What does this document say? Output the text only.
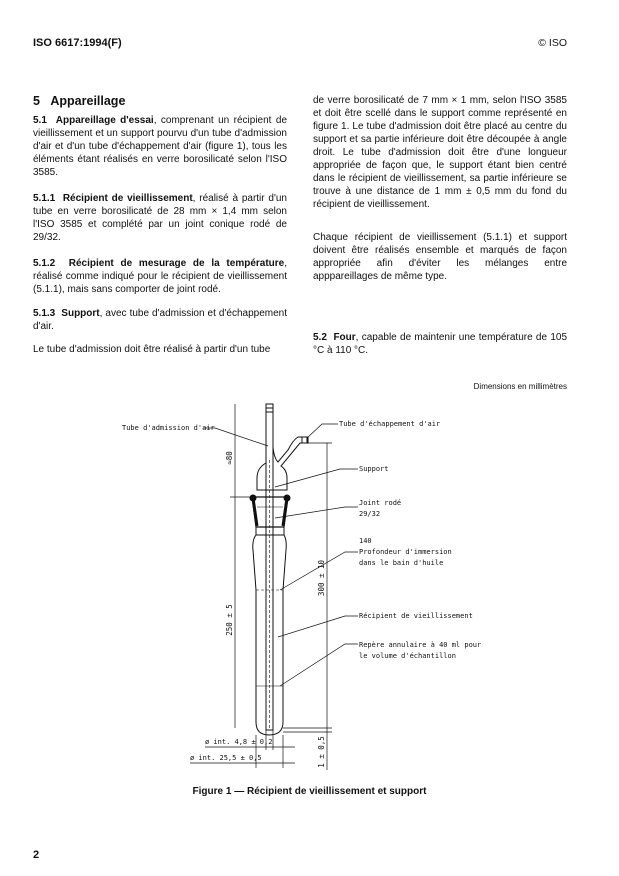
ISO 6617:1994(F)	© ISO
5 Appareillage

5.1 Appareillage d'essai, comprenant un récipient de vieillissement et un support pourvu d'un tube d'admission d'air et d'un tube d'échappement d'air (figure 1), tous les éléments étant réalisés en verre borosilicaté selon l'ISO 3585.

5.1.1 Récipient de vieillissement, réalisé à partir d'un tube en verre borosilicaté de 28 mm × 1,4 mm selon l'ISO 3585 et complété par un joint conique rodé de 29/32.

5.1.2 Récipient de mesurage de la température, réalisé comme indiqué pour le récipient de vieillissement (5.1.1), mais sans comporter de joint rodé.

5.1.3 Support, avec tube d'admission et d'échappement d'air.

Le tube d'admission doit être réalisé à partir d'un tube

de verre borosilicaté de 7 mm × 1 mm, selon l'ISO 3585 et doit être scellé dans le support comme représenté en figure 1. Le tube d'admission doit être placé au centre du support et sa partie inférieure doit être découpée à angle droit. Le tube d'admission doit être d'une longueur appropriée de façon que, le support étant bien centré dans le récipient de vieillissement, sa partie inférieure se trouve à une distance de 1 mm ± 0,5 mm du fond du récipient de vieillissement.

Chaque récipient de vieillissement (5.1.1) et support doivent être réalisés ensemble et marqués de façon appropriée afin d'éviter les mélanges entre apppareillages de même type.

5.2 Four, capable de maintenir une température de 105 °C à 110 °C.

Dimensions en millimètres
Tube d'admission d'air	Tube d'échappement d'air
Support
Joint rodé
29/32
140
Profondeur d'immersion
dans le bain d'huile
Récipient de vieillissement
Repère annulaire à 40 ml pour
le volume d'échantillon
≈80
250 ± 5
300 ± 10
1 ± 0,5
ø int. 4,8 ± 0,2
ø int. 25,5 ± 0,5
Figure 1 — Récipient de vieillissement et support
2
